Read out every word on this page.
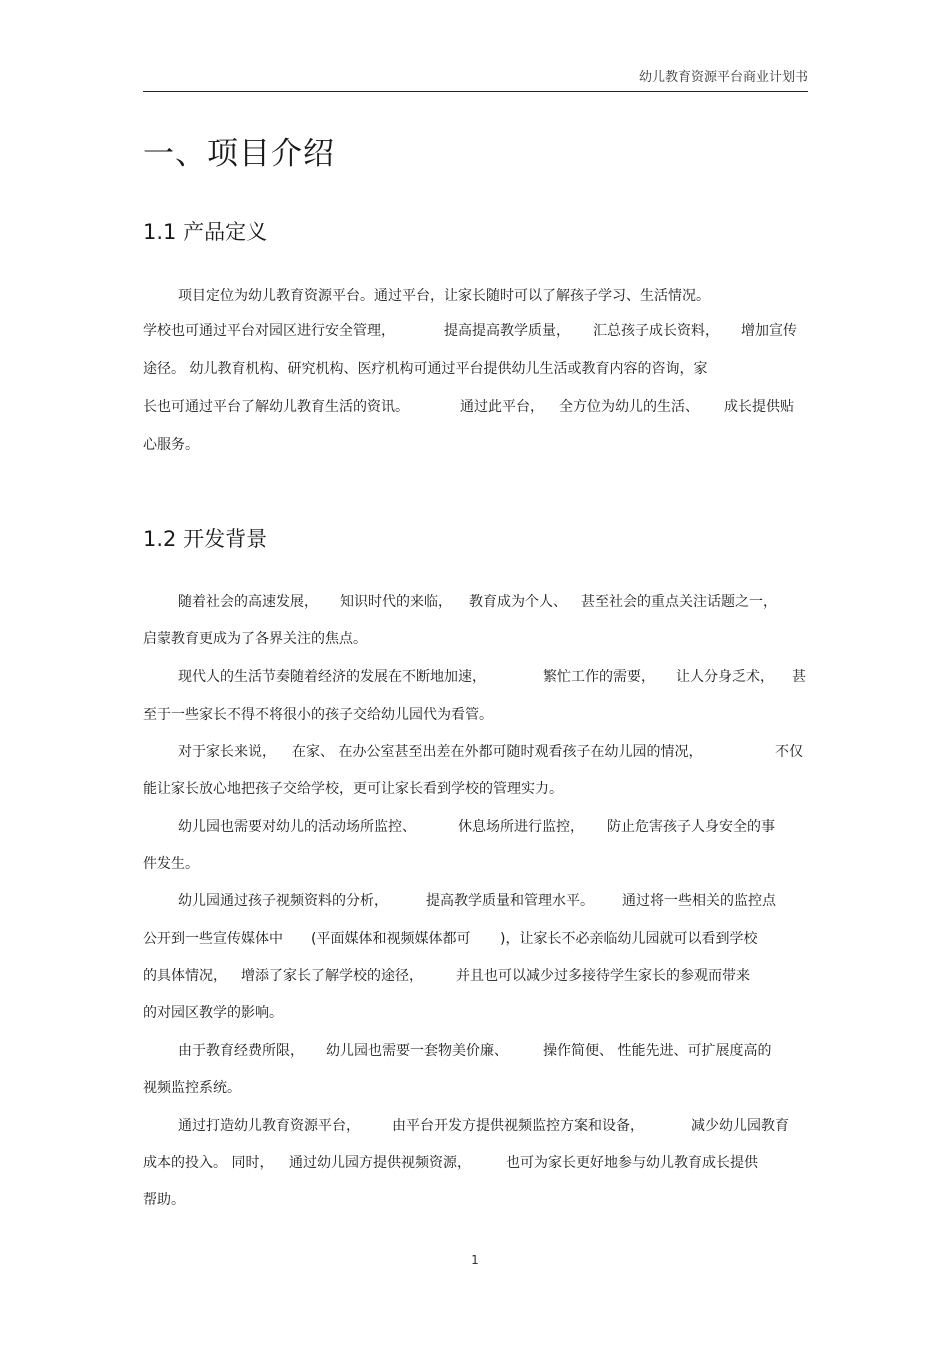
幼儿教育资源平台商业计划书
一、项目介绍
1.1 产品定义
项目定位为幼儿教育资源平台。通过平台，让家长随时可以了解孩子学习、生活情况。
学校也可通过平台对园区进行安全管理，	提高提高教学质量， 汇总孩子成长资料， 增加宣传
途径。 幼儿教育机构、研究机构、医疗机构可通过平台提供幼儿生活或教育内容的咨询，家
长也可通过平台了解幼儿教育生活的资讯。	通过此平台， 全方位为幼儿的生活、 成长提供贴
心服务。
1.2 开发背景
随着社会的高速发展， 知识时代的来临， 教育成为个人、 甚至社会的重点关注话题之一，
启蒙教育更成为了各界关注的焦点。
现代人的生活节奏随着经济的发展在不断地加速，	繁忙工作的需要， 让人分身乏术， 甚
至于一些家长不得不将很小的孩子交给幼儿园代为看管。
对于家长来说， 在家、 在办公室甚至出差在外都可随时观看孩子在幼儿园的情况，	不仅
能让家长放心地把孩子交给学校，更可让家长看到学校的管理实力。
幼儿园也需要对幼儿的活动场所监控、	休息场所进行监控， 防止危害孩子人身安全的事
件发生。
幼儿园通过孩子视频资料的分析，	提高教学质量和管理水平。 通过将一些相关的监控点
公开到一些宣传媒体中 (平面媒体和视频媒体都可 )，让家长不必亲临幼儿园就可以看到学校
的具体情况， 增添了家长了解学校的途径， 并且也可以减少过多接待学生家长的参观而带来
的对园区教学的影响。
由于教育经费所限， 幼儿园也需要一套物美价廉、	操作简便、 性能先进、可扩展度高的
视频监控系统。
通过打造幼儿教育资源平台， 由平台开发方提供视频监控方案和设备，	减少幼儿园教育
成本的投入。 同时， 通过幼儿园方提供视频资源，	也可为家长更好地参与幼儿教育成长提供
帮助。
1
